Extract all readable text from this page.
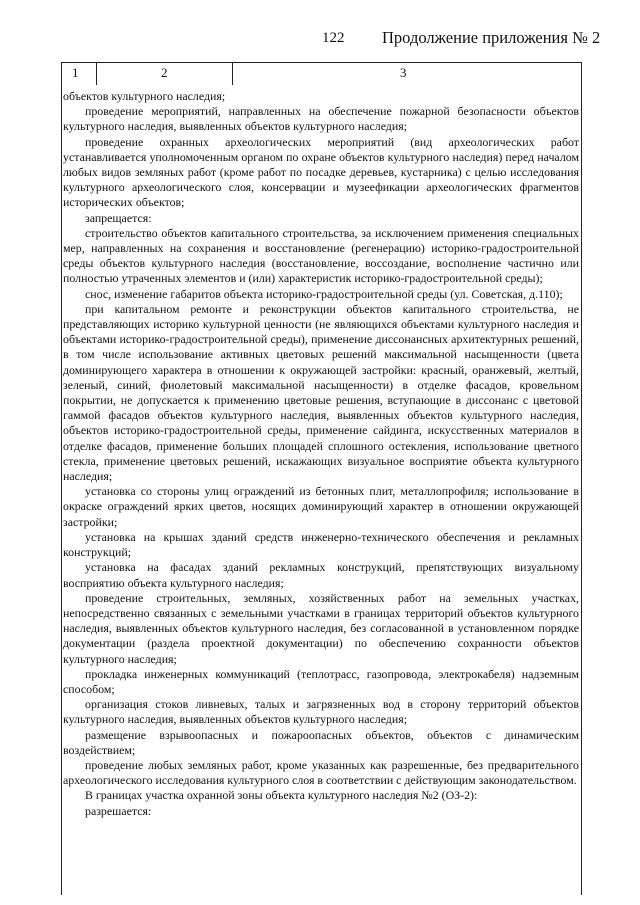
122 Продолжение приложения № 2
1	2	3

объектов культурного наследия;

проведение мероприятий, направленных на обеспечение пожарной безопасности объектов культурного наследия, выявленных объектов культурного наследия;

проведение охранных археологических мероприятий (вид археологических работ устанавливается уполномоченным органом по охране объектов культурного наследия) перед началом любых видов земляных работ (кроме работ по посадке деревьев, кустарника) с целью исследования культурного археологического слоя, консервации и музеефикации археологических фрагментов исторических объектов;

запрещается:

строительство объектов капитального строительства, за исключением применения специальных мер, направленных на сохранения и восстановление (регенерацию) историко-градостроительной среды объектов культурного наследия (восстановление, воссоздание, восполнение частично или полностью утраченных элементов и (или) характеристик историко-градостроительной среды);

снос, изменение габаритов объекта историко-градостроительной среды (ул. Советская, д.110);

при капитальном ремонте и реконструкции объектов капитального строительства, не представляющих историко культурной ценности (не являющихся объектами культурного наследия и объектами историко-градостроительной среды), применение диссонансных архитектурных решений, в том числе использование активных цветовых решений максимальной насыщенности (цвета доминирующего характера в отношении к окружающей застройки: красный, оранжевый, желтый, зеленый, синий, фиолетовый максимальной насыщенности) в отделке фасадов, кровельном покрытии, не допускается к применению цветовые решения, вступающие в диссонанс с цветовой гаммой фасадов объектов культурного наследия, выявленных объектов культурного наследия, объектов историко-градостроительной среды, применение сайдинга, искусственных материалов в отделке фасадов, применение больших площадей сплошного остекления, использование цветного стекла, применение цветовых решений, искажающих визуальное восприятие объекта культурного наследия;

установка со стороны улиц ограждений из бетонных плит, металлопрофиля; использование в окраске ограждений ярких цветов, носящих доминирующий характер в отношении окружающей застройки;

установка на крышах зданий средств инженерно-технического обеспечения и рекламных конструкций;

установка на фасадах зданий рекламных конструкций, препятствующих визуальному восприятию объекта культурного наследия;

проведение строительных, земляных, хозяйственных работ на земельных участках, непосредственно связанных с земельными участками в границах территорий объектов культурного наследия, выявленных объектов культурного наследия, без согласованной в установленном порядке документации (раздела проектной документации) по обеспечению сохранности объектов культурного наследия;

прокладка инженерных коммуникаций (теплотрасс, газопровода, электрокабеля) надземным способом;

организация стоков ливневых, талых и загрязненных вод в сторону территорий объектов культурного наследия, выявленных объектов культурного наследия;

размещение взрывоопасных и пожароопасных объектов, объектов с динамическим воздействием;

проведение любых земляных работ, кроме указанных как разрешенные, без предварительного археологического исследования культурного слоя в соответствии с действующим законодательством.

В границах участка охранной зоны объекта культурного наследия №2 (ОЗ-2):

разрешается:
